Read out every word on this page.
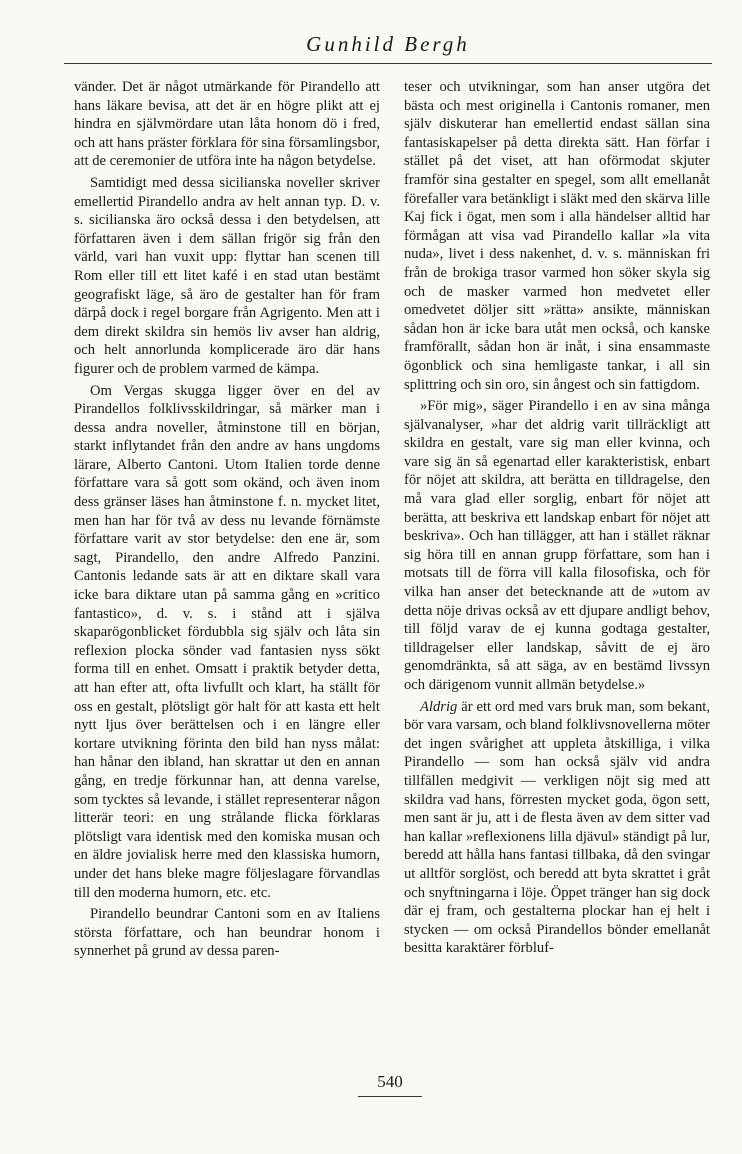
Gunhild Bergh

vänder. Det är något utmärkande för Pirandello att hans läkare bevisa, att det är en högre plikt att ej hindra en självmördare utan låta honom dö i fred, och att hans präster förklara för sina församlingsbor, att de ceremonier de utföra inte ha någon betydelse.

Samtidigt med dessa sicilianska noveller skriver emellertid Pirandello andra av helt annan typ. D. v. s. sicilianska äro också dessa i den betydelsen, att författaren även i dem sällan frigör sig från den värld, vari han vuxit upp: flyttar han scenen till Rom eller till ett litet kafé i en stad utan bestämt geografiskt läge, så äro de gestalter han för fram därpå dock i regel borgare från Agrigento. Men att i dem direkt skildra sin hemös liv avser han aldrig, och helt annorlunda komplicerade äro där hans figurer och de problem varmed de kämpa.

Om Vergas skugga ligger över en del av Pirandellos folklivsskildringar, så märker man i dessa andra noveller, åtminstone till en början, starkt inflytandet från den andre av hans ungdoms lärare, Alberto Cantoni. Utom Italien torde denne författare vara så gott som okänd, och även inom dess gränser läses han åtminstone f. n. mycket litet, men han har för två av dess nu levande förnämste författare varit av stor betydelse: den ene är, som sagt, Pirandello, den andre Alfredo Panzini. Cantonis ledande sats är att en diktare skall vara icke bara diktare utan på samma gång en »critico fantastico», d. v. s. i stånd att i själva skaparögonblicket fördubbla sig själv och låta sin reflexion plocka sönder vad fantasien nyss sökt forma till en enhet. Omsatt i praktik betyder detta, att han efter att, ofta livfullt och klart, ha ställt för oss en gestalt, plötsligt gör halt för att kasta ett helt nytt ljus över berättelsen och i en längre eller kortare utvikning förinta den bild han nyss målat: han hånar den ibland, han skrattar ut den en annan gång, en tredje förkunnar han, att denna varelse, som tycktes så levande, i stället representerar någon litterär teori: en ung strålande flicka förklaras plötsligt vara identisk med den komiska musan och en äldre jovialisk herre med den klassiska humorn, under det hans bleke magre följeslagare förvandlas till den moderna humorn, etc. etc.

Pirandello beundrar Cantoni som en av Italiens största författare, och han beundrar honom i synnerhet på grund av dessa paren-

teser och utvikningar, som han anser utgöra det bästa och mest originella i Cantonis romaner, men själv diskuterar han emellertid endast sällan sina fantasiskapelser på detta direkta sätt. Han förfar i stället på det viset, att han oförmodat skjuter framför sina gestalter en spegel, som allt emellanåt förefaller vara betänkligt i släkt med den skärva lille Kaj fick i ögat, men som i alla händelser alltid har förmågan att visa vad Pirandello kallar »la vita nuda», livet i dess nakenhet, d. v. s. människan fri från de brokiga trasor varmed hon söker skyla sig och de masker varmed hon medvetet eller omedvetet döljer sitt »rätta» ansikte, människan sådan hon är icke bara utåt men också, och kanske framförallt, sådan hon är inåt, i sina ensammaste ögonblick och sina hemligaste tankar, i all sin splittring och sin oro, sin ångest och sin fattigdom.

»För mig», säger Pirandello i en av sina många självanalyser, »har det aldrig varit tillräckligt att skildra en gestalt, vare sig man eller kvinna, och vare sig än så egenartad eller karakteristisk, enbart för nöjet att skildra, att berätta en tilldragelse, den må vara glad eller sorglig, enbart för nöjet att berätta, att beskriva ett landskap enbart för nöjet att beskriva». Och han tillägger, att han i stället räknar sig höra till en annan grupp författare, som han i motsats till de förra vill kalla filosofiska, och för vilka han anser det betecknande att de »utom av detta nöje drivas också av ett djupare andligt behov, till följd varav de ej kunna godtaga gestalter, tilldragelser eller landskap, såvitt de ej äro genomdränkta, så att säga, av en bestämd livssyn och därigenom vunnit allmän betydelse.»

Aldrig är ett ord med vars bruk man, som bekant, bör vara varsam, och bland folklivsnovellerna möter det ingen svårighet att uppleta åtskilliga, i vilka Pirandello — som han också själv vid andra tillfällen medgivit — verkligen nöjt sig med att skildra vad hans, förresten mycket goda, ögon sett, men sant är ju, att i de flesta även av dem sitter vad han kallar »reflexionens lilla djävul» ständigt på lur, beredd att hålla hans fantasi tillbaka, då den svingar ut alltför sorglöst, och beredd att byta skrattet i gråt och snyftningarna i löje. Öppet tränger han sig dock där ej fram, och gestalterna plockar han ej helt i stycken — om också Pirandellos bönder emellanåt besitta karaktärer förbluf-

540
